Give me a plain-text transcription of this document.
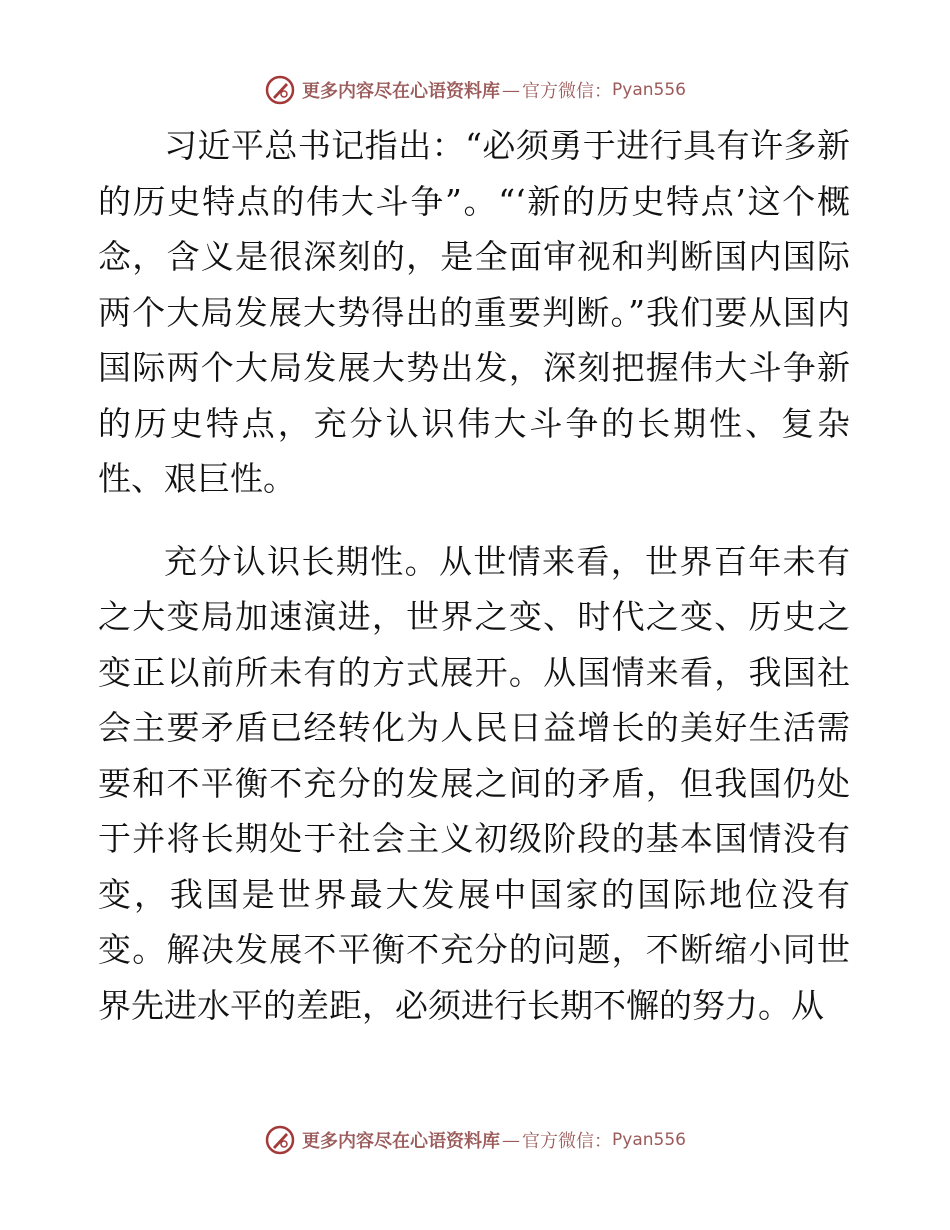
更多内容尽在心语资料库 — 官方微信： Pyan556

习近平总书记指出：“必须勇于进行具有许多新的历史特点的伟大斗争”。“‘新的历史特点’这个概念，含义是很深刻的，是全面审视和判断国内国际两个大局发展大势得出的重要判断。”我们要从国内国际两个大局发展大势出发，深刻把握伟大斗争新的历史特点，充分认识伟大斗争的长期性、复杂性、艰巨性。

充分认识长期性。从世情来看，世界百年未有之大变局加速演进，世界之变、时代之变、历史之变正以前所未有的方式展开。从国情来看，我国社会主要矛盾已经转化为人民日益增长的美好生活需要和不平衡不充分的发展之间的矛盾，但我国仍处于并将长期处于社会主义初级阶段的基本国情没有变，我国是世界最大发展中国家的国际地位没有变。解决发展不平衡不充分的问题，不断缩小同世界先进水平的差距，必须进行长期不懈的努力。从

更多内容尽在心语资料库 — 官方微信： Pyan556
